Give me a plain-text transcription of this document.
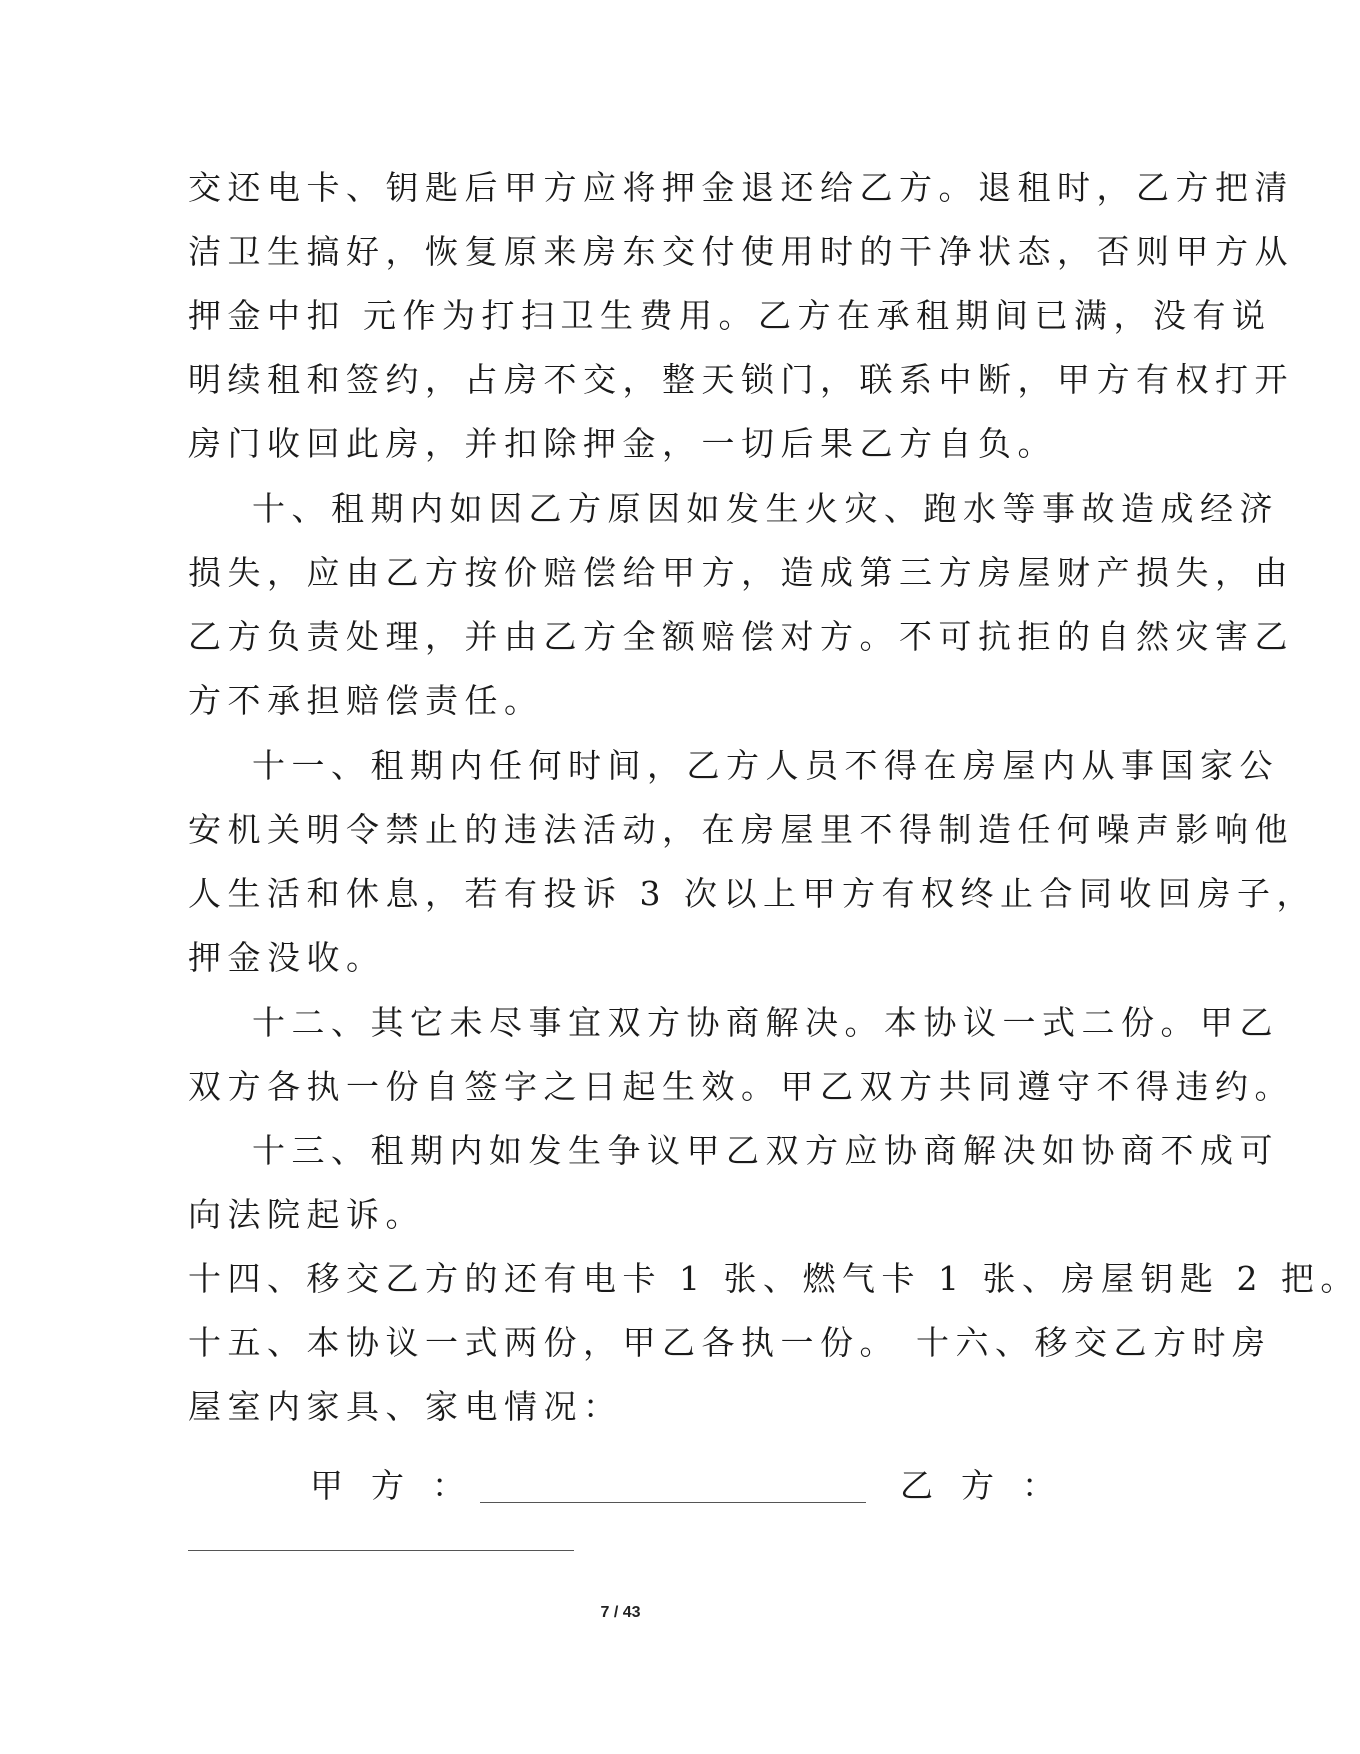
交还电卡、钥匙后甲方应将押金退还给乙方。退租时，乙方把清
洁卫生搞好，恢复原来房东交付使用时的干净状态，否则甲方从
押金中扣 元作为打扫卫生费用。乙方在承租期间已满，没有说
明续租和签约，占房不交，整天锁门，联系中断，甲方有权打开
房门收回此房，并扣除押金，一切后果乙方自负。
十、租期内如因乙方原因如发生火灾、跑水等事故造成经济
损失，应由乙方按价赔偿给甲方，造成第三方房屋财产损失，由
乙方负责处理，并由乙方全额赔偿对方。不可抗拒的自然灾害乙
方不承担赔偿责任。
十一、租期内任何时间，乙方人员不得在房屋内从事国家公
安机关明令禁止的违法活动，在房屋里不得制造任何噪声影响他
人生活和休息，若有投诉 3 次以上甲方有权终止合同收回房子，
押金没收。
十二、其它未尽事宜双方协商解决。本协议一式二份。甲乙
双方各执一份自签字之日起生效。甲乙双方共同遵守不得违约。
十三、租期内如发生争议甲乙双方应协商解决如协商不成可
向法院起诉。
十四、移交乙方的还有电卡 1 张、燃气卡 1 张、房屋钥匙 2 把。
十五、本协议一式两份，甲乙各执一份。 十六、移交乙方时房
屋室内家具、家电情况：
甲方：	乙方：
7 / 43
